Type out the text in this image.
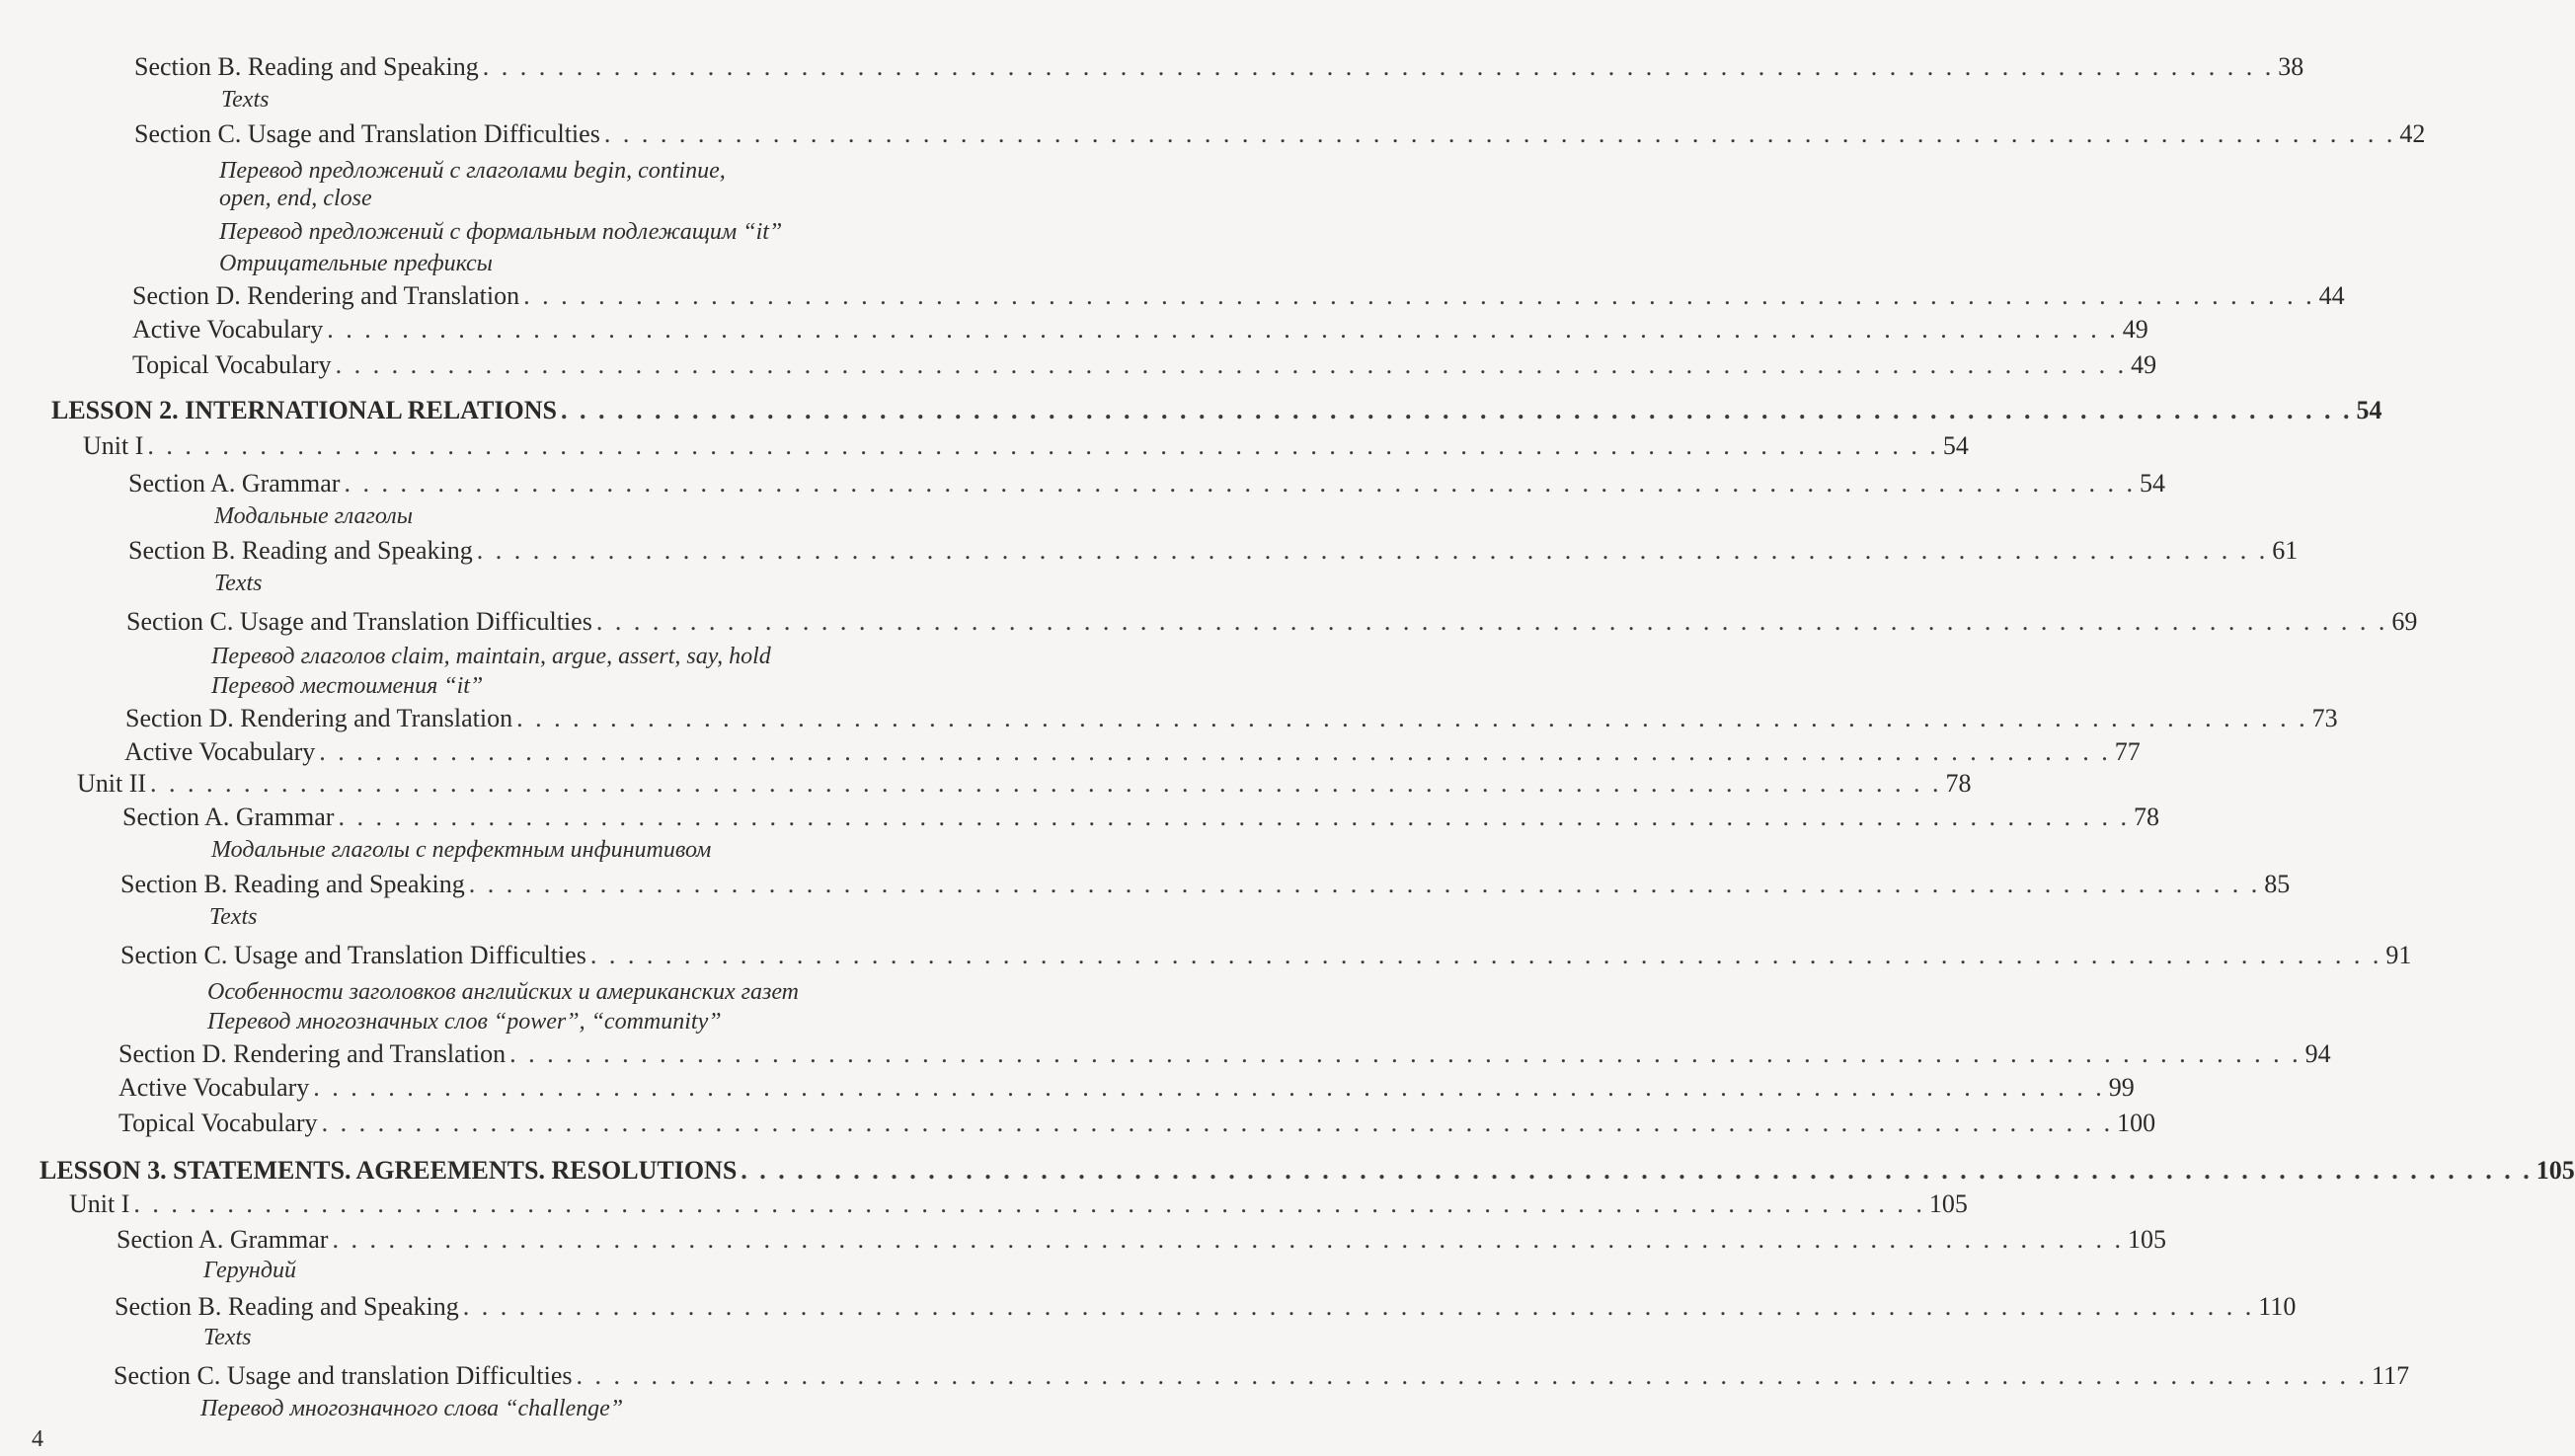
Section B. Reading and Speaking . . . . . . . . . . . . . . . . . . . . . . . . . . . . . . . . . . . . . . . . . . . . . . . . . . . . . . . . . . . . . . . . . . . . . . . . . . . . . . . . . . . . . . . . . . . . . . . . 38
Texts
Section C. Usage and Translation Difficulties . . . . . . . . . . . . . . . . . . . . . . . . . . . . . . . . . . . . . . . . . . . . . . . . . . . . . . . . . . . . . . . . . . . . . . . . . . . . . . . . . . . . . . . . . . . . . . . . 42
Перевод предложений с глаголами begin, continue,
open, end, close
Перевод предложений с формальным подлежащим “it”
Отрицательные префиксы
Section D. Rendering and Translation . . . . . . . . . . . . . . . . . . . . . . . . . . . . . . . . . . . . . . . . . . . . . . . . . . . . . . . . . . . . . . . . . . . . . . . . . . . . . . . . . . . . . . . . . . . . . . . . 44
Active Vocabulary . . . . . . . . . . . . . . . . . . . . . . . . . . . . . . . . . . . . . . . . . . . . . . . . . . . . . . . . . . . . . . . . . . . . . . . . . . . . . . . . . . . . . . . . . . . . . . . . 49
Topical Vocabulary . . . . . . . . . . . . . . . . . . . . . . . . . . . . . . . . . . . . . . . . . . . . . . . . . . . . . . . . . . . . . . . . . . . . . . . . . . . . . . . . . . . . . . . . . . . . . . . . 49
LESSON 2. INTERNATIONAL RELATIONS . . . . . . . . . . . . . . . . . . . . . . . . . . . . . . . . . . . . . . . . . . . . . . . . . . . . . . . . . . . . . . . . . . . . . . . . . . . . . . . . . . . . . . . . . . . . . . . . 54
Unit I . . . . . . . . . . . . . . . . . . . . . . . . . . . . . . . . . . . . . . . . . . . . . . . . . . . . . . . . . . . . . . . . . . . . . . . . . . . . . . . . . . . . . . . . . . . . . . . . 54
Section A. Grammar . . . . . . . . . . . . . . . . . . . . . . . . . . . . . . . . . . . . . . . . . . . . . . . . . . . . . . . . . . . . . . . . . . . . . . . . . . . . . . . . . . . . . . . . . . . . . . . . 54
Модальные глаголы
Section B. Reading and Speaking . . . . . . . . . . . . . . . . . . . . . . . . . . . . . . . . . . . . . . . . . . . . . . . . . . . . . . . . . . . . . . . . . . . . . . . . . . . . . . . . . . . . . . . . . . . . . . . . 61
Texts
Section C. Usage and Translation Difficulties . . . . . . . . . . . . . . . . . . . . . . . . . . . . . . . . . . . . . . . . . . . . . . . . . . . . . . . . . . . . . . . . . . . . . . . . . . . . . . . . . . . . . . . . . . . . . . . . 69
Перевод глаголов claim, maintain, argue, assert, say, hold
Перевод местоимения “it”
Section D. Rendering and Translation . . . . . . . . . . . . . . . . . . . . . . . . . . . . . . . . . . . . . . . . . . . . . . . . . . . . . . . . . . . . . . . . . . . . . . . . . . . . . . . . . . . . . . . . . . . . . . . . 73
Active Vocabulary . . . . . . . . . . . . . . . . . . . . . . . . . . . . . . . . . . . . . . . . . . . . . . . . . . . . . . . . . . . . . . . . . . . . . . . . . . . . . . . . . . . . . . . . . . . . . . . . 77
Unit II . . . . . . . . . . . . . . . . . . . . . . . . . . . . . . . . . . . . . . . . . . . . . . . . . . . . . . . . . . . . . . . . . . . . . . . . . . . . . . . . . . . . . . . . . . . . . . . . 78
Section A. Grammar . . . . . . . . . . . . . . . . . . . . . . . . . . . . . . . . . . . . . . . . . . . . . . . . . . . . . . . . . . . . . . . . . . . . . . . . . . . . . . . . . . . . . . . . . . . . . . . . 78
Модальные глаголы с перфектным инфинитивом
Section B. Reading and Speaking . . . . . . . . . . . . . . . . . . . . . . . . . . . . . . . . . . . . . . . . . . . . . . . . . . . . . . . . . . . . . . . . . . . . . . . . . . . . . . . . . . . . . . . . . . . . . . . . 85
Texts
Section C. Usage and Translation Difficulties . . . . . . . . . . . . . . . . . . . . . . . . . . . . . . . . . . . . . . . . . . . . . . . . . . . . . . . . . . . . . . . . . . . . . . . . . . . . . . . . . . . . . . . . . . . . . . . . 91
Особенности заголовков английских и американских газет
Перевод многозначных слов “power”, “community”
Section D. Rendering and Translation . . . . . . . . . . . . . . . . . . . . . . . . . . . . . . . . . . . . . . . . . . . . . . . . . . . . . . . . . . . . . . . . . . . . . . . . . . . . . . . . . . . . . . . . . . . . . . . . 94
Active Vocabulary . . . . . . . . . . . . . . . . . . . . . . . . . . . . . . . . . . . . . . . . . . . . . . . . . . . . . . . . . . . . . . . . . . . . . . . . . . . . . . . . . . . . . . . . . . . . . . . . 99
Topical Vocabulary . . . . . . . . . . . . . . . . . . . . . . . . . . . . . . . . . . . . . . . . . . . . . . . . . . . . . . . . . . . . . . . . . . . . . . . . . . . . . . . . . . . . . . . . . . . . . . . . 100
LESSON 3. STATEMENTS. AGREEMENTS. RESOLUTIONS . . . . . . . . . . . . . . . . . . . . . . . . . . . . . . . . . . . . . . . . . . . . . . . . . . . . . . . . . . . . . . . . . . . . . . . . . . . . . . . . . . . . . . . . . . . . . . . . 105
Unit I . . . . . . . . . . . . . . . . . . . . . . . . . . . . . . . . . . . . . . . . . . . . . . . . . . . . . . . . . . . . . . . . . . . . . . . . . . . . . . . . . . . . . . . . . . . . . . . . 105
Section A. Grammar . . . . . . . . . . . . . . . . . . . . . . . . . . . . . . . . . . . . . . . . . . . . . . . . . . . . . . . . . . . . . . . . . . . . . . . . . . . . . . . . . . . . . . . . . . . . . . . . 105
Герундий
Section B. Reading and Speaking . . . . . . . . . . . . . . . . . . . . . . . . . . . . . . . . . . . . . . . . . . . . . . . . . . . . . . . . . . . . . . . . . . . . . . . . . . . . . . . . . . . . . . . . . . . . . . . . 110
Texts
Section C. Usage and translation Difficulties . . . . . . . . . . . . . . . . . . . . . . . . . . . . . . . . . . . . . . . . . . . . . . . . . . . . . . . . . . . . . . . . . . . . . . . . . . . . . . . . . . . . . . . . . . . . . . . . 117
Перевод многозначного слова “challenge”
4
